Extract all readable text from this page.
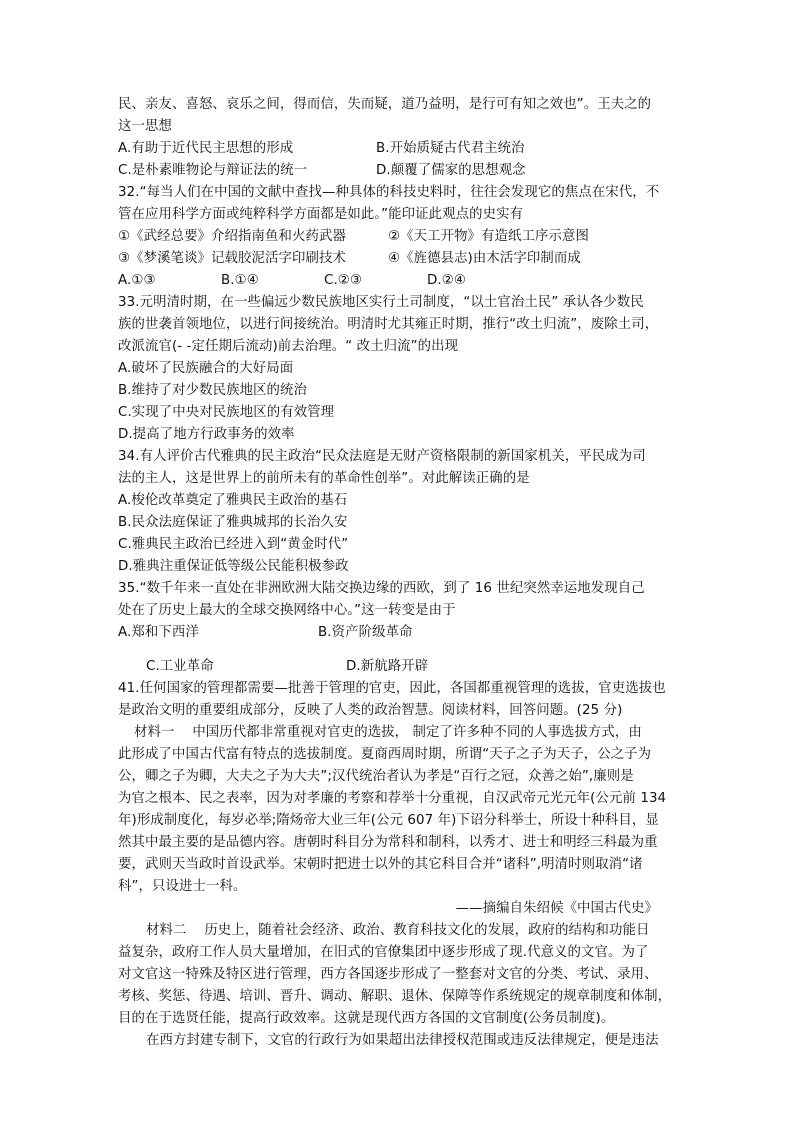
民、亲友、喜怒、哀乐之间，得而信，失而疑，道乃益明，是行可有知之效也”。王夫之的
这一思想
A.有助于近代民主思想的形成	B.开始质疑古代君主统治
C.是朴素唯物论与辩证法的统一	D.颠覆了儒家的思想观念
32.“每当人们在中国的文献中查找—种具体的科技史料时，往往会发现它的焦点在宋代，不
管在应用科学方面或纯粹科学方面都是如此。”能印证此观点的史实有
①《武经总要》介绍指南鱼和火药武器	②《天工开物》有造纸工序示意图
③《梦溪笔谈》记载胶泥活字印刷技术	④《旌德县志)由木活字印制而成
A.①③	B.①④	C.②③	D.②④
33.元明清时期，在一些偏远少数民族地区实行土司制度，“以土官治土民” 承认各少数民
族的世袭首领地位，以进行间接统治。明清时尤其雍正时期，推行“改土归流”，废除土司，
改派流官(- -定任期后流动)前去治理。“ 改土归流”的出现
A.破坏了民族融合的大好局面
B.维持了对少数民族地区的统治
C.实现了中央对民族地区的有效管理
D.提高了地方行政事务的效率
34.有人评价古代雅典的民主政治“民众法庭是无财产资格限制的新国家机关，平民成为司
法的主人，这是世界上的前所未有的革命性创举”。对此解读正确的是
A.梭伦改革奠定了雅典民主政治的基石
B.民众法庭保证了雅典城邦的长治久安
C.雅典民主政治已经进入到“黄金时代”
D.雅典注重保证低等级公民能积极参政
35.“数千年来一直处在非洲欧洲大陆交换边缘的西欧，到了 16 世纪突然幸运地发现自己
处在了历史上最大的全球交换网络中心。”这一转变是由于
A.郑和下西洋	B.资产阶级革命
C.工业革命	D.新航路开辟
41.任何国家的管理都需要—批善于管理的官吏，因此，各国都重视管理的选拔，官吏选拔也
是政治文明的重要组成部分，反映了人类的政治智慧。阅读材料，回答问题。(25 分)
材料一　 中国历代都非常重视对官吏的选拔， 制定了许多种不同的人事选拔方式，由
此形成了中国古代富有特点的选拔制度。夏商西周时期，所谓“天子之子为天子，公之子为
公，卿之子为卿，大夫之子为大夫”;汉代统治者认为孝是“百行之冠，众善之始”,廉则是
为官之根本、民之表率，因为对孝廉的考察和荐举十分重视，自汉武帝元光元年(公元前 134
年)形成制度化，每岁必举;隋炀帝大业三年(公元 607 年)下诏分科举士，所设十种科目，显
然其中最主要的是品德内容。唐朝时科目分为常科和制科，以秀才、进士和明经三科最为重
要，武则天当政时首设武举。宋朝时把进士以外的其它科目合并“诸科”,明清时则取消“诸
科”，只设进士一科。
——摘编自朱绍候《中国古代史》
材料二　 历史上，随着社会经济、政治、教育科技文化的发展，政府的结构和功能日
益复杂，政府工作人员大量增加，在旧式的官僚集团中逐步形成了现.代意义的文官。为了
对文官这一特殊及特区进行管理，西方各国逐步形成了一整套对文官的分类、考试、录用、
考核、奖惩、待遇、培训、晋升、调动、解职、退休、保障等作系统规定的规章制度和体制，
目的在于选贤任能，提高行政效率。这就是现代西方各国的文官制度(公务员制度)。
在西方封建专制下，文官的行政行为如果超出法律授权范围或违反法律规定，便是违法
